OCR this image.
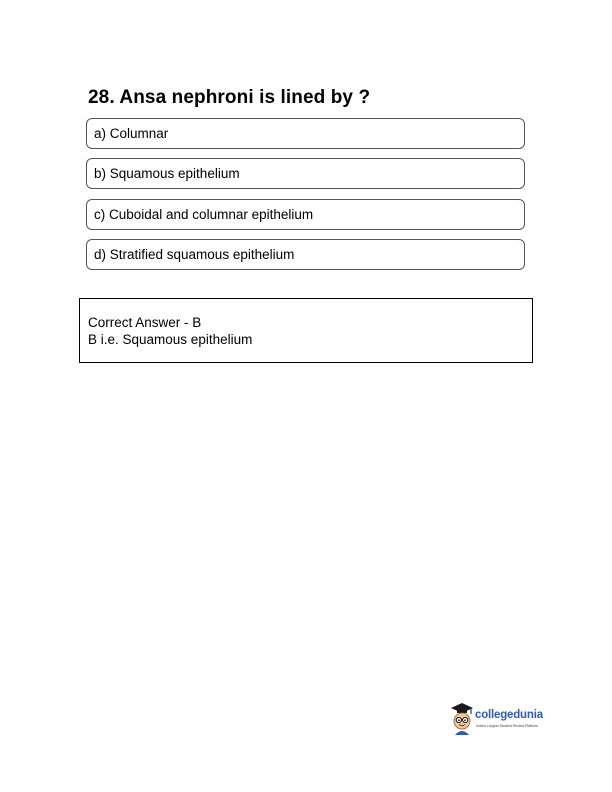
28. Ansa nephroni is lined by ?
a) Columnar
b) Squamous epithelium
c) Cuboidal and columnar epithelium
d) Stratified squamous epithelium
Correct Answer - B
B i.e. Squamous epithelium
collegedunia
India's Largest Student Review Platform
